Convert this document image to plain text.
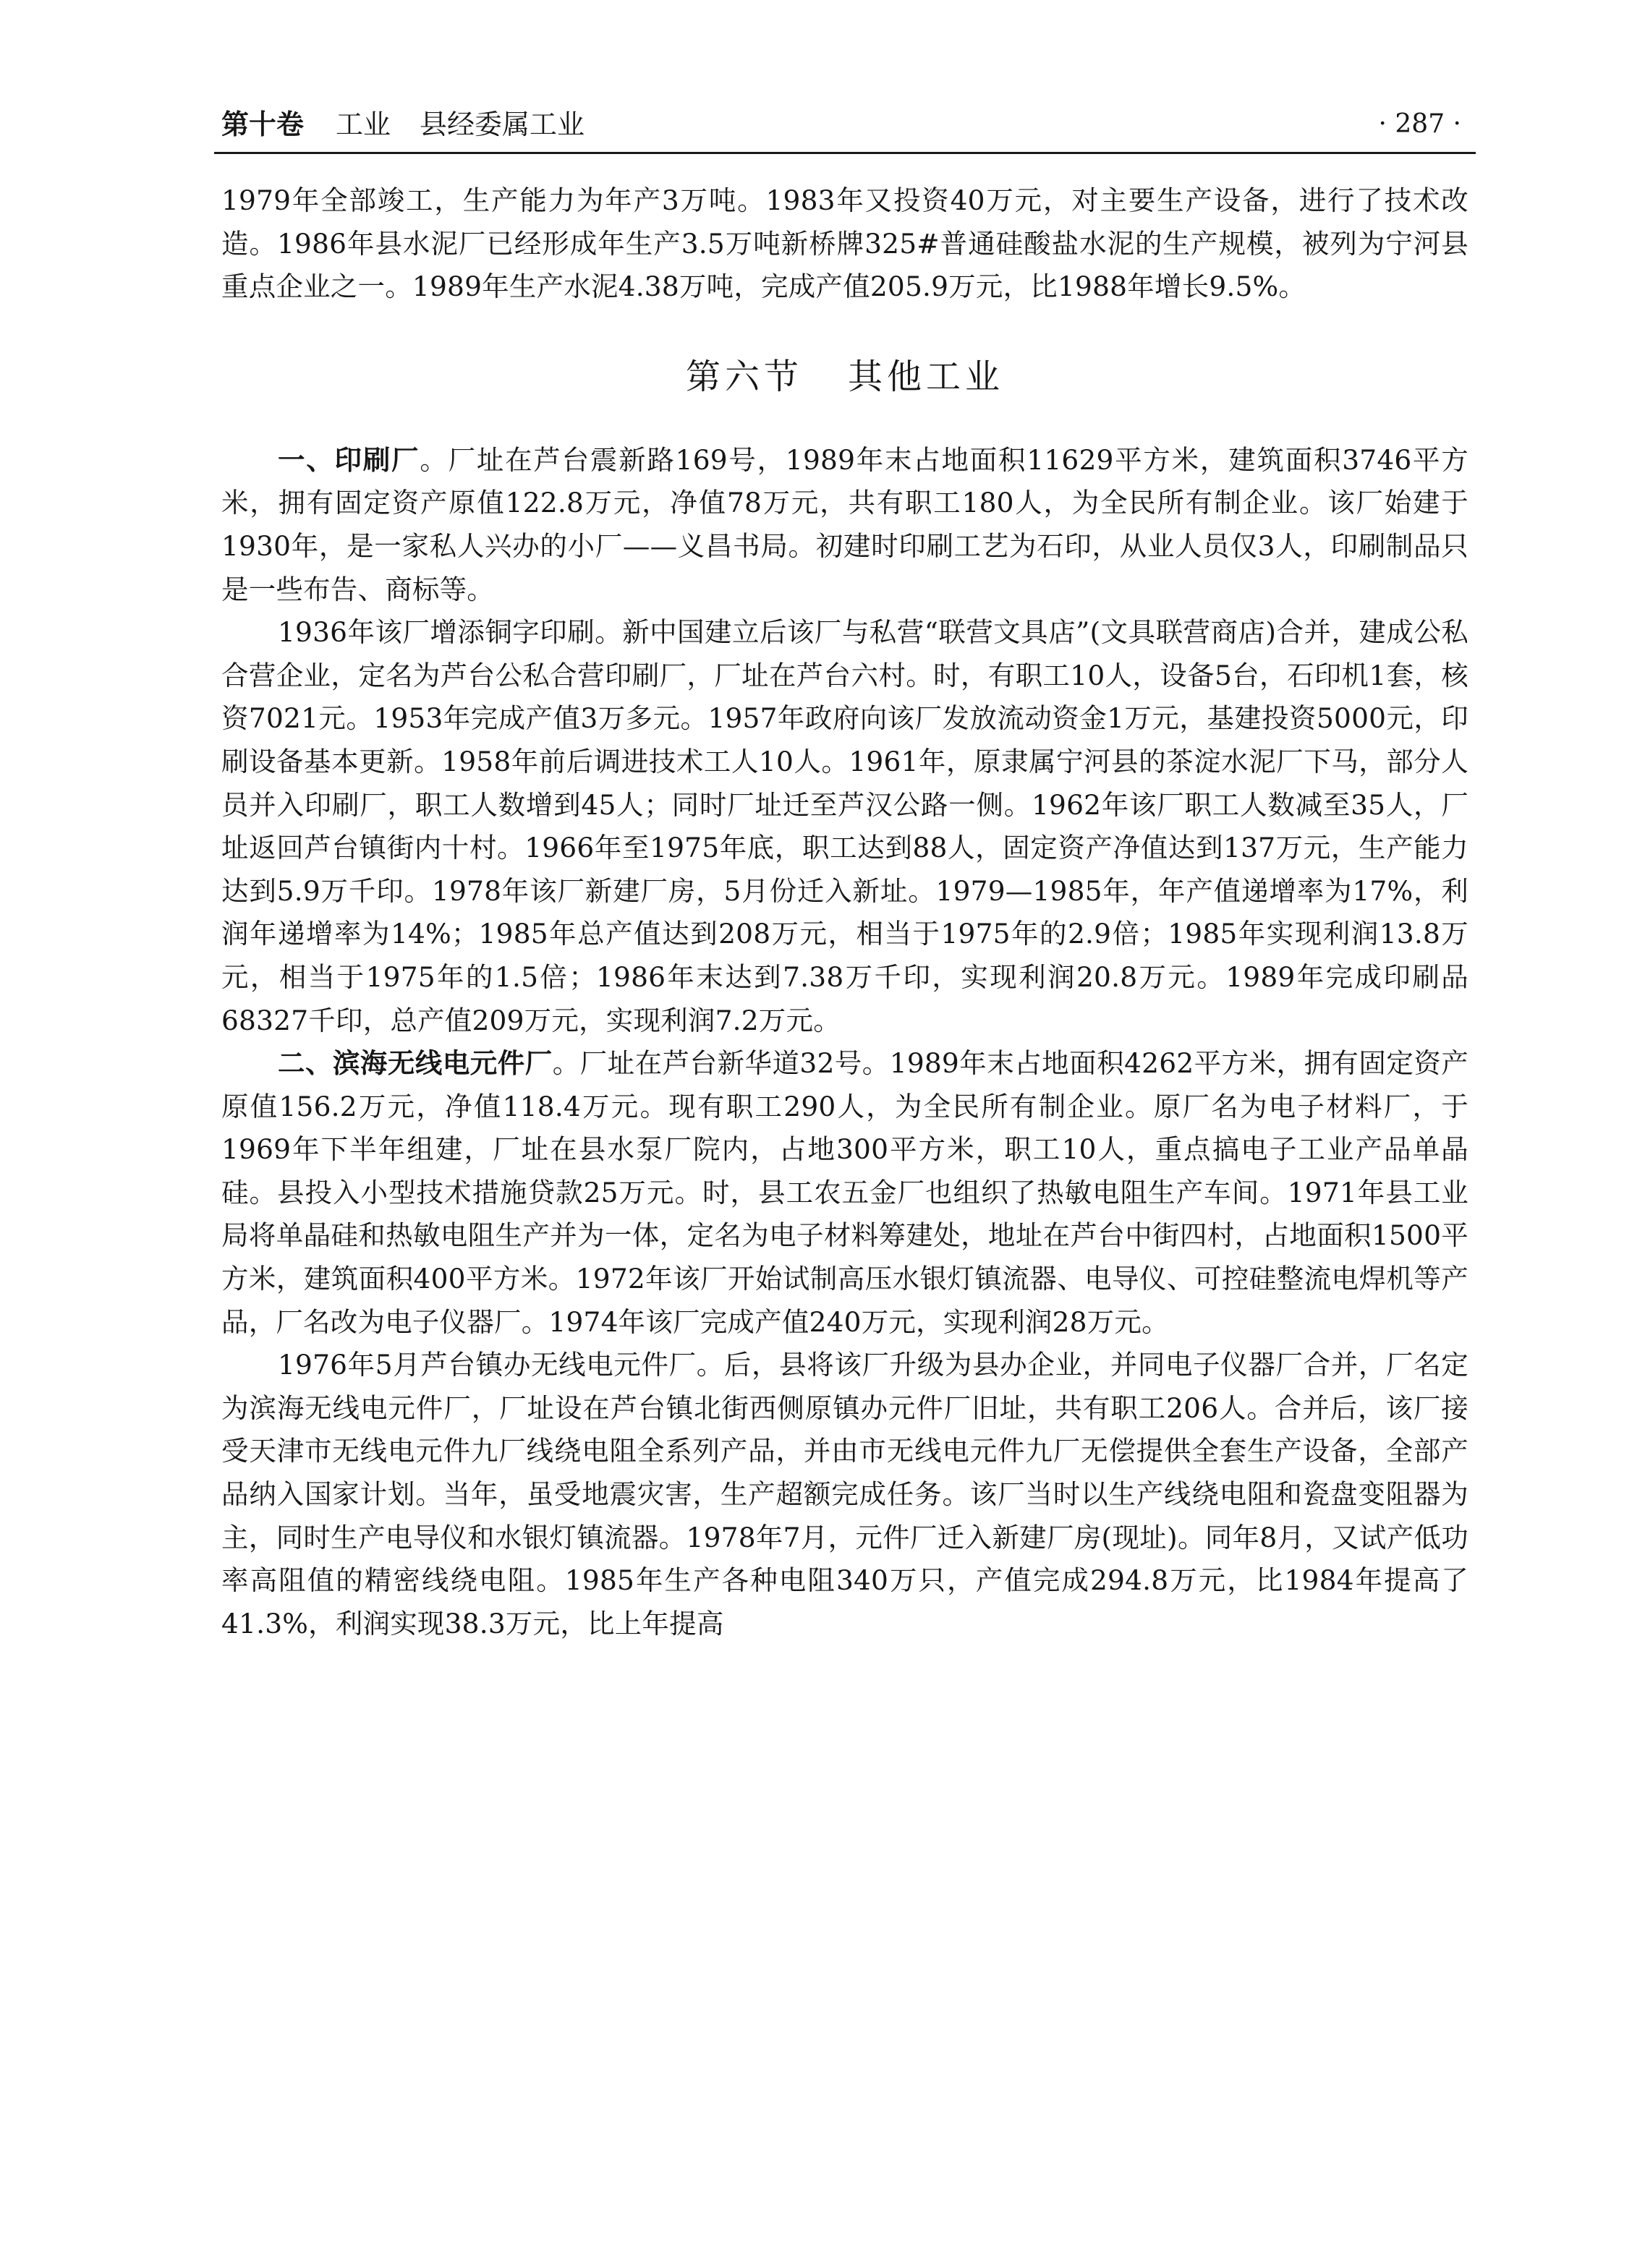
第十卷 工业 县经委属工业	· 287 ·

1979年全部竣工，生产能力为年产3万吨。1983年又投资40万元，对主要生产设备，进行了技术改造。1986年县水泥厂已经形成年生产3.5万吨新桥牌325#普通硅酸盐水泥的生产规模，被列为宁河县重点企业之一。1989年生产水泥4.38万吨，完成产值205.9万元，比1988年增长9.5%。

第六节 其他工业

一、印刷厂。厂址在芦台震新路169号，1989年末占地面积11629平方米，建筑面积3746平方米，拥有固定资产原值122.8万元，净值78万元，共有职工180人，为全民所有制企业。该厂始建于1930年，是一家私人兴办的小厂——义昌书局。初建时印刷工艺为石印，从业人员仅3人，印刷制品只是一些布告、商标等。

1936年该厂增添铜字印刷。新中国建立后该厂与私营“联营文具店”(文具联营商店)合并，建成公私合营企业，定名为芦台公私合营印刷厂，厂址在芦台六村。时，有职工10人，设备5台，石印机1套，核资7021元。1953年完成产值3万多元。1957年政府向该厂发放流动资金1万元，基建投资5000元，印刷设备基本更新。1958年前后调进技术工人10人。1961年，原隶属宁河县的茶淀水泥厂下马，部分人员并入印刷厂，职工人数增到45人；同时厂址迁至芦汉公路一侧。1962年该厂职工人数减至35人，厂址返回芦台镇街内十村。1966年至1975年底，职工达到88人，固定资产净值达到137万元，生产能力达到5.9万千印。1978年该厂新建厂房，5月份迁入新址。1979—1985年，年产值递增率为17%，利润年递增率为14%；1985年总产值达到208万元，相当于1975年的2.9倍；1985年实现利润13.8万元，相当于1975年的1.5倍；1986年末达到7.38万千印，实现利润20.8万元。1989年完成印刷品68327千印，总产值209万元，实现利润7.2万元。

二、滨海无线电元件厂。厂址在芦台新华道32号。1989年末占地面积4262平方米，拥有固定资产原值156.2万元，净值118.4万元。现有职工290人，为全民所有制企业。原厂名为电子材料厂，于1969年下半年组建，厂址在县水泵厂院内，占地300平方米，职工10人，重点搞电子工业产品单晶硅。县投入小型技术措施贷款25万元。时，县工农五金厂也组织了热敏电阻生产车间。1971年县工业局将单晶硅和热敏电阻生产并为一体，定名为电子材料筹建处，地址在芦台中街四村，占地面积1500平方米，建筑面积400平方米。1972年该厂开始试制高压水银灯镇流器、电导仪、可控硅整流电焊机等产品，厂名改为电子仪器厂。1974年该厂完成产值240万元，实现利润28万元。

1976年5月芦台镇办无线电元件厂。后，县将该厂升级为县办企业，并同电子仪器厂合并，厂名定为滨海无线电元件厂，厂址设在芦台镇北街西侧原镇办元件厂旧址，共有职工206人。合并后，该厂接受天津市无线电元件九厂线绕电阻全系列产品，并由市无线电元件九厂无偿提供全套生产设备，全部产品纳入国家计划。当年，虽受地震灾害，生产超额完成任务。该厂当时以生产线绕电阻和瓷盘变阻器为主，同时生产电导仪和水银灯镇流器。1978年7月，元件厂迁入新建厂房(现址)。同年8月，又试产低功率高阻值的精密线绕电阻。1985年生产各种电阻340万只，产值完成294.8万元，比1984年提高了41.3%，利润实现38.3万元，比上年提高
